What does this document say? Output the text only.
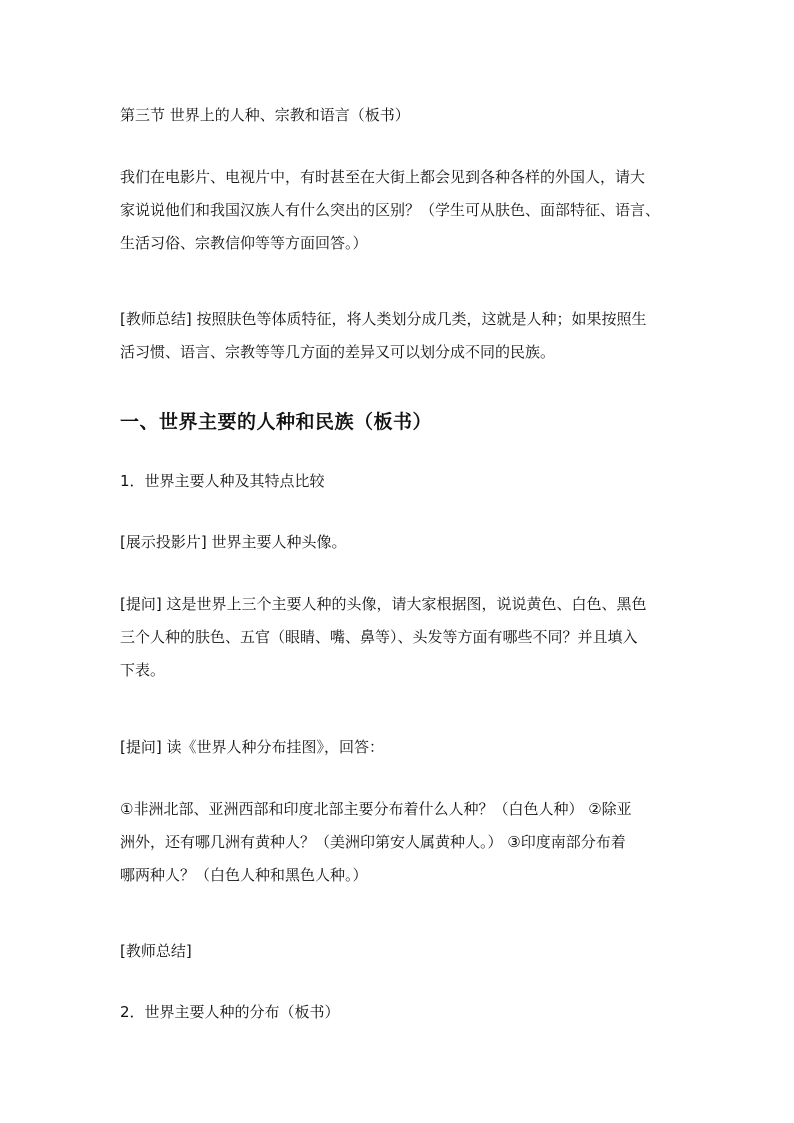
第三节 世界上的人种、宗教和语言（板书）

我们在电影片、电视片中，有时甚至在大街上都会见到各种各样的外国人，请大
家说说他们和我国汉族人有什么突出的区别？（学生可从肤色、面部特征、语言、
生活习俗、宗教信仰等等方面回答。）
[教师总结] 按照肤色等体质特征，将人类划分成几类，这就是人种；如果按照生
活习惯、语言、宗教等等几方面的差异又可以划分成不同的民族。

一、世界主要的人种和民族（板书）

1．世界主要人种及其特点比较

[展示投影片] 世界主要人种头像。

[提问] 这是世界上三个主要人种的头像，请大家根据图，说说黄色、白色、黑色
三个人种的肤色、五官（眼睛、嘴、鼻等）、头发等方面有哪些不同？并且填入
下表。

[提问] 读《世界人种分布挂图》，回答：

①非洲北部、亚洲西部和印度北部主要分布着什么人种？（白色人种） ②除亚
洲外，还有哪几洲有黄种人？（美洲印第安人属黄种人。） ③印度南部分布着
哪两种人？（白色人种和黑色人种。）

[教师总结]

2．世界主要人种的分布（板书）
